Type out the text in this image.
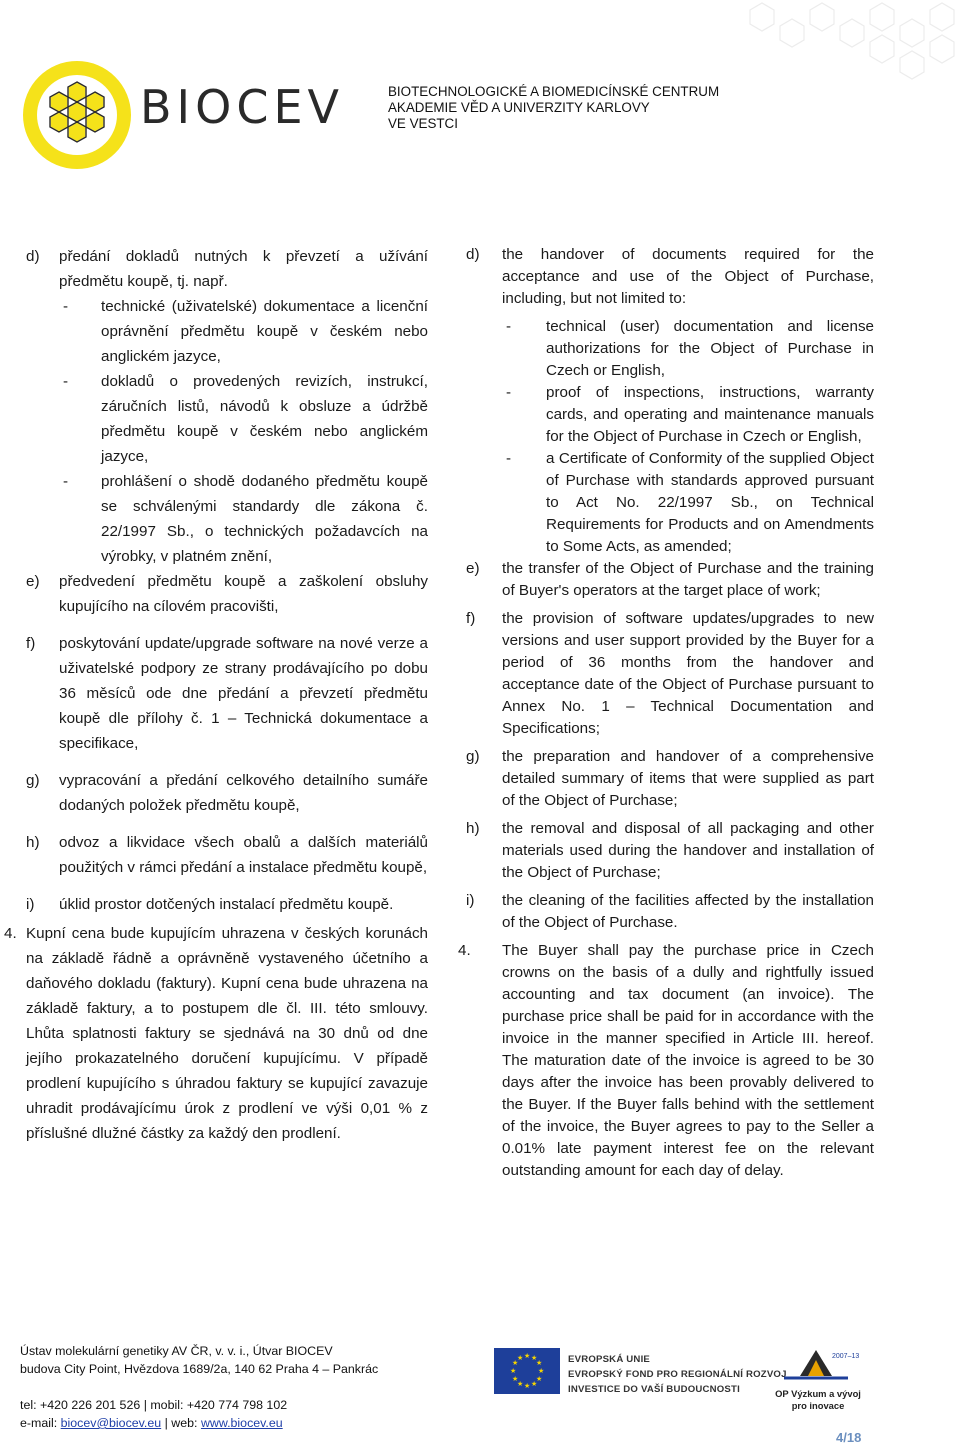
BIOCEV	BIOTECHNOLOGICKÉ A BIOMEDICÍNSKÉ CENTRUM
AKADEMIE VĚD A UNIVERZITY KARLOVY
VE VESTCI
d) předání dokladů nutných k převzetí a užívání předmětu koupě, tj. např.
- technické (uživatelské) dokumentace a licenční oprávnění předmětu koupě v českém nebo anglickém jazyce,
- dokladů o provedených revizích, instrukcí, záručních listů, návodů k obsluze a údržbě předmětu koupě v českém nebo anglickém jazyce,
- prohlášení o shodě dodaného předmětu koupě se schválenými standardy dle zákona č. 22/1997 Sb., o technických požadavcích na výrobky, v platném znění,
e) předvedení předmětu koupě a zaškolení obsluhy kupujícího na cílovém pracovišti,
f) poskytování update/upgrade software na nové verze a uživatelské podpory ze strany prodávajícího po dobu 36 měsíců ode dne předání a převzetí předmětu koupě dle přílohy č. 1 – Technická dokumentace a specifikace,
g) vypracování a předání celkového detailního sumáře dodaných položek předmětu koupě,
h) odvoz a likvidace všech obalů a dalších materiálů použitých v rámci předání a instalace předmětu koupě,
i) úklid prostor dotčených instalací předmětu koupě.
4. Kupní cena bude kupujícím uhrazena v českých korunách na základě řádně a oprávněně vystaveného účetního a daňového dokladu (faktury). Kupní cena bude uhrazena na základě faktury, a to postupem dle čl. III. této smlouvy. Lhůta splatnosti faktury se sjednává na 30 dnů od dne jejího prokazatelného doručení kupujícímu. V případě prodlení kupujícího s úhradou faktury se kupující zavazuje uhradit prodávajícímu úrok z prodlení ve výši 0,01 % z příslušné dlužné částky za každý den prodlení.
d) the handover of documents required for the acceptance and use of the Object of Purchase, including, but not limited to:
- technical (user) documentation and license authorizations for the Object of Purchase in Czech or English,
- proof of inspections, instructions, warranty cards, and operating and maintenance manuals for the Object of Purchase in Czech or English,
- a Certificate of Conformity of the supplied Object of Purchase with standards approved pursuant to Act No. 22/1997 Sb., on Technical Requirements for Products and on Amendments to Some Acts, as amended;
e) the transfer of the Object of Purchase and the training of Buyer's operators at the target place of work;
f) the provision of software updates/upgrades to new versions and user support provided by the Buyer for a period of 36 months from the handover and acceptance date of the Object of Purchase pursuant to Annex No. 1 – Technical Documentation and Specifications;
g) the preparation and handover of a comprehensive detailed summary of items that were supplied as part of the Object of Purchase;
h) the removal and disposal of all packaging and other materials used during the handover and installation of the Object of Purchase;
i) the cleaning of the facilities affected by the installation of the Object of Purchase.
4. The Buyer shall pay the purchase price in Czech crowns on the basis of a dully and rightfully issued accounting and tax document (an invoice). The purchase price shall be paid for in accordance with the invoice in the manner specified in Article III. hereof. The maturation date of the invoice is agreed to be 30 days after the invoice has been provably delivered to the Buyer. If the Buyer falls behind with the settlement of the invoice, the Buyer agrees to pay to the Seller a 0.01% late payment interest fee on the relevant outstanding amount for each day of delay.
Ústav molekulární genetiky AV ČR, v. v. i., Útvar BIOCEV
budova City Point, Hvězdova 1689/2a, 140 62 Praha 4 – Pankrác
tel: +420 226 201 526 | mobil: +420 774 798 102
e-mail: biocev@biocev.eu | web: www.biocev.eu
★ ★
★
★
★
★
★
★
★
★
★
★	EVROPSKÁ UNIE
EVROPSKÝ FOND PRO REGIONÁLNÍ ROZVOJ
INVESTICE DO VAŠÍ BUDOUCNOSTI
2007–13
OP Výzkum a vývoj
pro inovace
4/18
